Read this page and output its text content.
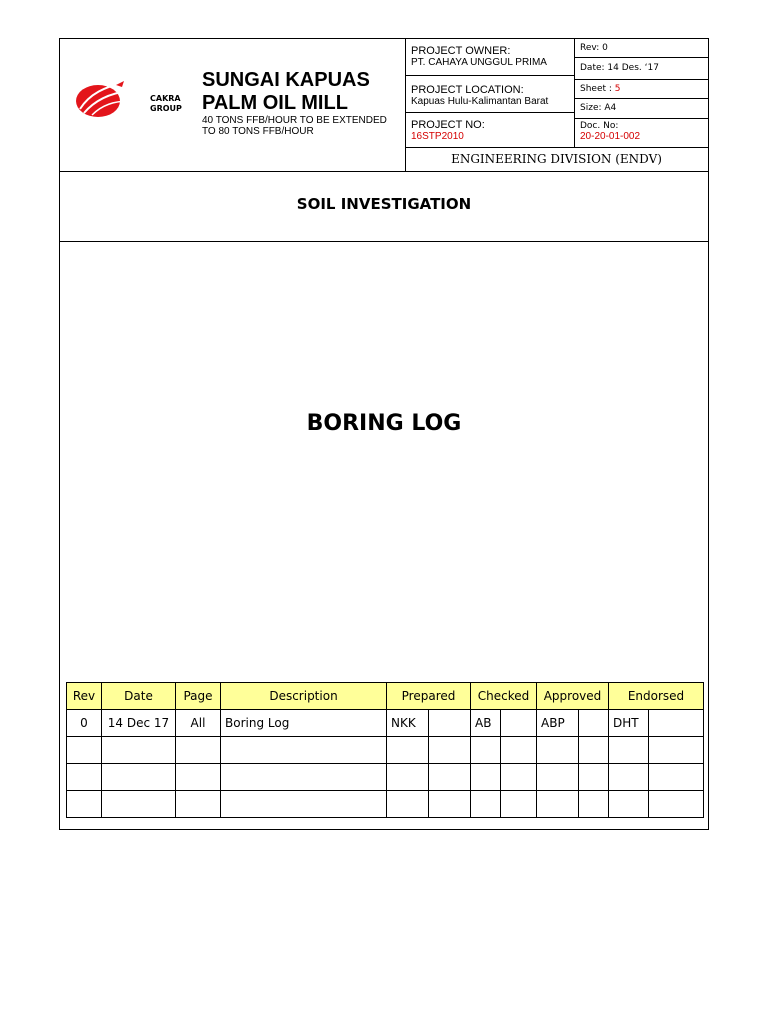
CAKRA
GROUP
SUNGAI KAPUAS
PALM OIL MILL
40 TONS FFB/HOUR TO BE EXTENDED
TO 80 TONS FFB/HOUR
PROJECT OWNER:
PT. CAHAYA UNGGUL PRIMA
PROJECT LOCATION:
Kapuas Hulu-Kalimantan Barat
PROJECT NO:
16STP2010
Rev: 0
Date: 14 Des. ‘17
Sheet : 5
Size: A4
Doc. No:
20-20-01-002
ENGINEERING DIVISION (ENDV)
SOIL INVESTIGATION
BORING LOG
Rev	Date	Page	Description	Prepared		Checked		Approved		Endorsed	
0	14 Dec 17	All	Boring Log	NKK		AB		ABP		DHT	
